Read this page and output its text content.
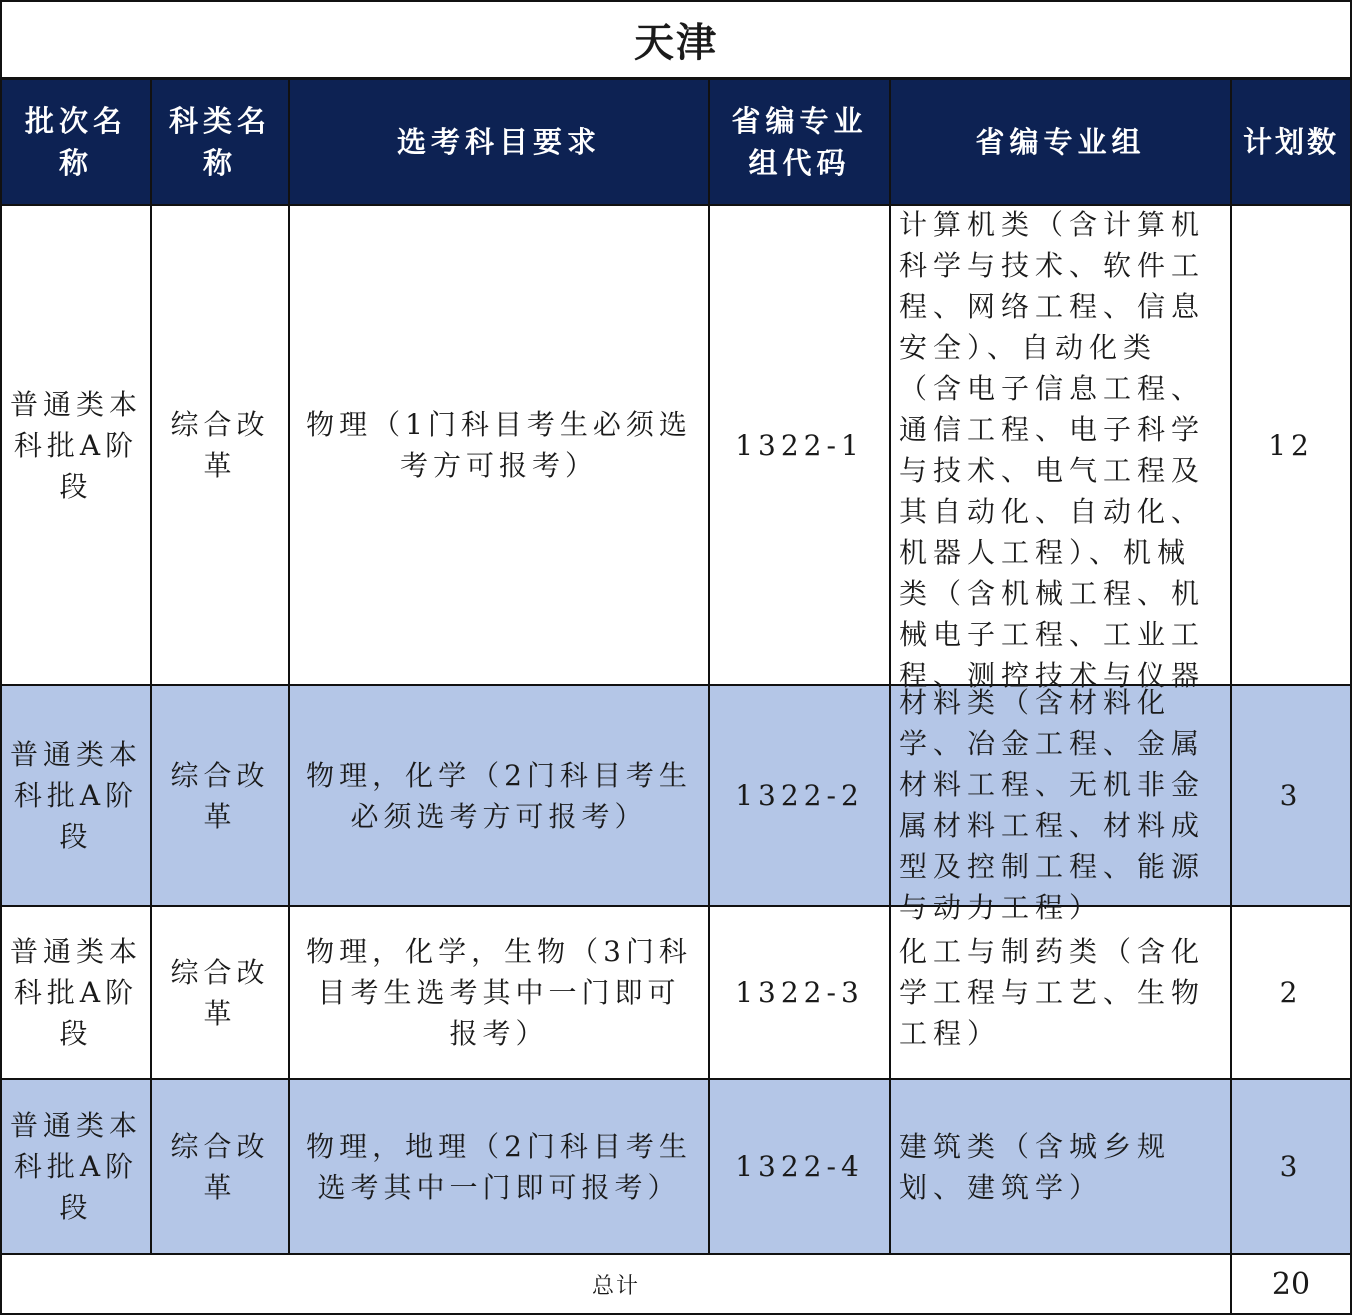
天津					
批次名称	科类名称	选考科目要求	省编专业组代码	省编专业组	计划数
普通类本科批A阶段	综合改革	物理（1门科目考生必须选考方可报考）	1322-1	计算机类（含计算机科学与技术、软件工程、网络工程、信息安全）、自动化类（含电子信息工程、通信工程、电子科学与技术、电气工程及其自动化、自动化、机器人工程）、机械类（含机械工程、机械电子工程、工业工程、测控技术与仪器	12
普通类本科批A阶段	综合改革	物理，化学（2门科目考生必须选考方可报考）	1322-2	材料类（含材料化学、冶金工程、金属材料工程、无机非金属材料工程、材料成型及控制工程、能源与动力工程）	3
普通类本科批A阶段	综合改革	物理，化学，生物（3门科目考生选考其中一门即可报考）	1322-3	化工与制药类（含化学工程与工艺、生物工程）	2
普通类本科批A阶段	综合改革	物理，地理（2门科目考生选考其中一门即可报考）	1322-4	建筑类（含城乡规划、建筑学）	3
总计					20
